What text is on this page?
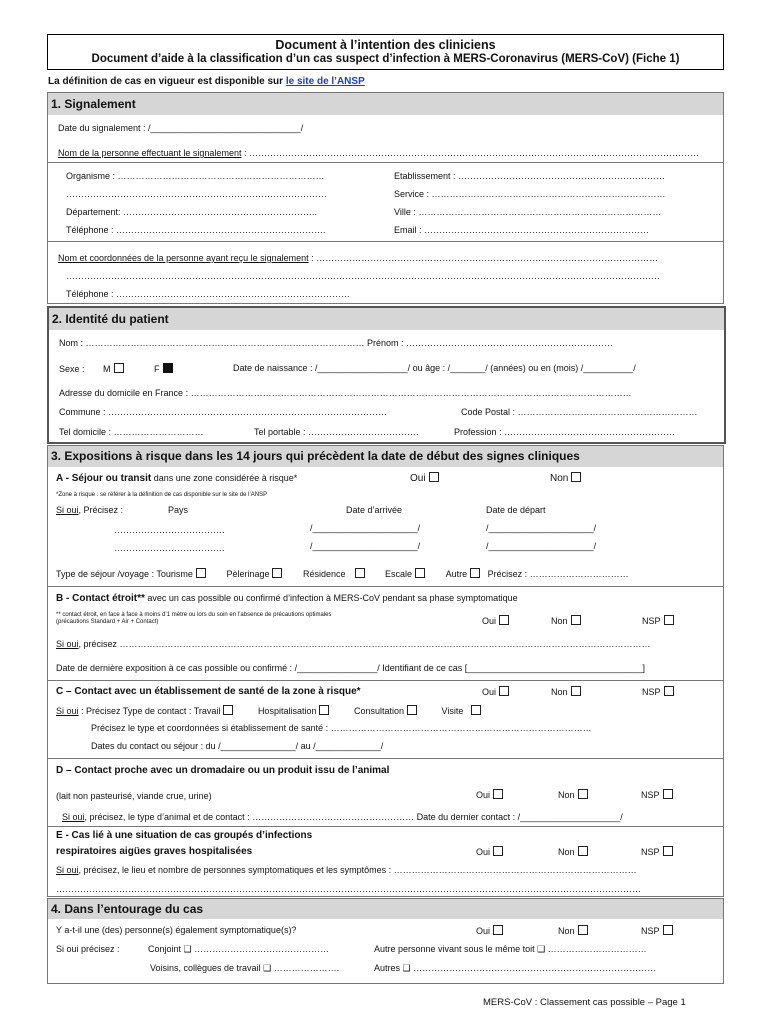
Document à l’intention des cliniciens
Document d’aide à la classification d’un cas suspect d’infection à MERS-Coronavirus (MERS-CoV) (Fiche 1)
La définition de cas en vigueur est disponible sur le site de l’ANSP
1. Signalement
Date du signalement : /______________________________/
Nom de la personne effectuant le signalement : ……………………………………………………………………………………………………………………………………
Organisme : ……………………………………………………………	Etablissement : ……………………………………………………………
……………………………………………………………………………	Service : ……………………………………………………………………
Département: ………………………………………………………..	Ville : ………………………………………………………………………
Téléphone : …………………………………………………………….	Email : …………………………………………………………………
Nom et coordonnées de la personne ayant reçu le signalement : ……………………………………………………………………………………………………
………………………………………………………………………………………………………………………………………………………………………………
Téléphone : ……………………………………………………………………
2. Identité du patient
Nom : ………………………………………………………………………………… Prénom : ……………………………………………………………
Sexe : M	F	Date de naissance : /__________________/ ou âge : /_______/ (années) ou en (mois) /__________/
Adresse du domicile en France : …………………………………………………………………………………………………………………………………
Commune : …………………………………………………………………………………	Code Postal : ……………………………………………………
Tel domicile : …………………………	Tel portable : ……………………………….	Profession : …………………………………………………
3. Expositions à risque dans les 14 jours qui précèdent la date de début des signes cliniques
A - Séjour ou transit dans une zone considérée à risque*	Oui	Non
*Zone à risque : se référer à la définition de cas disponible sur le site de l’ANSP
Si oui, Précisez :	Pays	Date d’arrivée	Date de départ
……………………………….	/_____________________/	/_____________________/
……………………………….	/_____________________/	/_____________________/
Type de séjour /voyage : Tourisme	Pèlerinage	Résidence	Escale	Autre Précisez : ……………………………
B - Contact étroit** avec un cas possible ou confirmé d’infection à MERS-CoV pendant sa phase symptomatique
** contact étroit, en face à face à moins d’1 mètre ou lors du soin en l’absence de précautions optimales
(précautions Standard + Air + Contact)	Oui	Non	NSP
Si oui, précisez ……………………………………………………………………………………………………………………………………………………………
Date de dernière exposition à ce cas possible ou confirmé : /________________/ Identifiant de ce cas [___________________________________]
C – Contact avec un établissement de santé de la zone à risque*	Oui	Non	NSP
Si oui : Précisez Type de contact : Travail	Hospitalisation	Consultation	Visite
Précisez le type et coordonnées si établissement de santé : ……………………………………………………………………………
Dates du contact ou séjour : du /_______________/ au /_____________/
D – Contact proche avec un dromadaire ou un produit issu de l’animal
(lait non pasteurisé, viande crue, urine)	Oui	Non	NSP
Si oui, précisez, le type d’animal et de contact : ……………………………………………… Date du dernier contact : /____________________/
E - Cas lié à une situation de cas groupés d’infections
respiratoires aigües graves hospitalisées	Oui	Non	NSP
Si oui, précisez, le lieu et nombre de personnes symptomatiques et les symptômes : ………………………………………………………………………
……………………………………………………………………………………………………………………………………………………………………………
4. Dans l’entourage du cas
Y a-t-il une (des) personne(s) également symptomatique(s)?	Oui	Non	NSP
Si oui précisez :	Conjoint ❑ ………………………………………	Autre personne vivant sous le même toit ❑ ……………………………
Voisins, collègues de travail ❑ ………………….	Autres ❑ ………………………………………………………………………
MERS-CoV : Classement cas possible – Page 1
